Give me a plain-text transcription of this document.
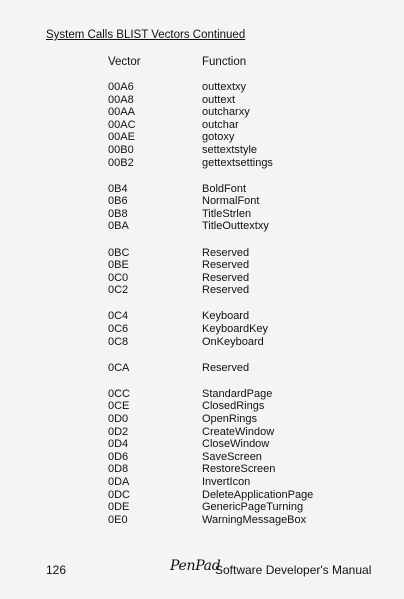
System Calls BLIST Vectors Continued
Vector	Function
00A6	outtextxy
00A8	outtext
00AA	outcharxy
00AC	outchar
00AE	gotoxy
00B0	settextstyle
00B2	gettextsettings
0B4	BoldFont
0B6	NormalFont
0B8	TitleStrlen
0BA	TitleOuttextxy
0BC	Reserved
0BE	Reserved
0C0	Reserved
0C2	Reserved
0C4	Keyboard
0C6	KeyboardKey
0C8	OnKeyboard
0CA	Reserved
0CC	StandardPage
0CE	ClosedRings
0D0	OpenRings
0D2	CreateWindow
0D4	CloseWindow
0D6	SaveScreen
0D8	RestoreScreen
0DA	InvertIcon
0DC	DeleteApplicationPage
0DE	GenericPageTurning
0E0	WarningMessageBox
126	PenPad
Software Developer's Manual
